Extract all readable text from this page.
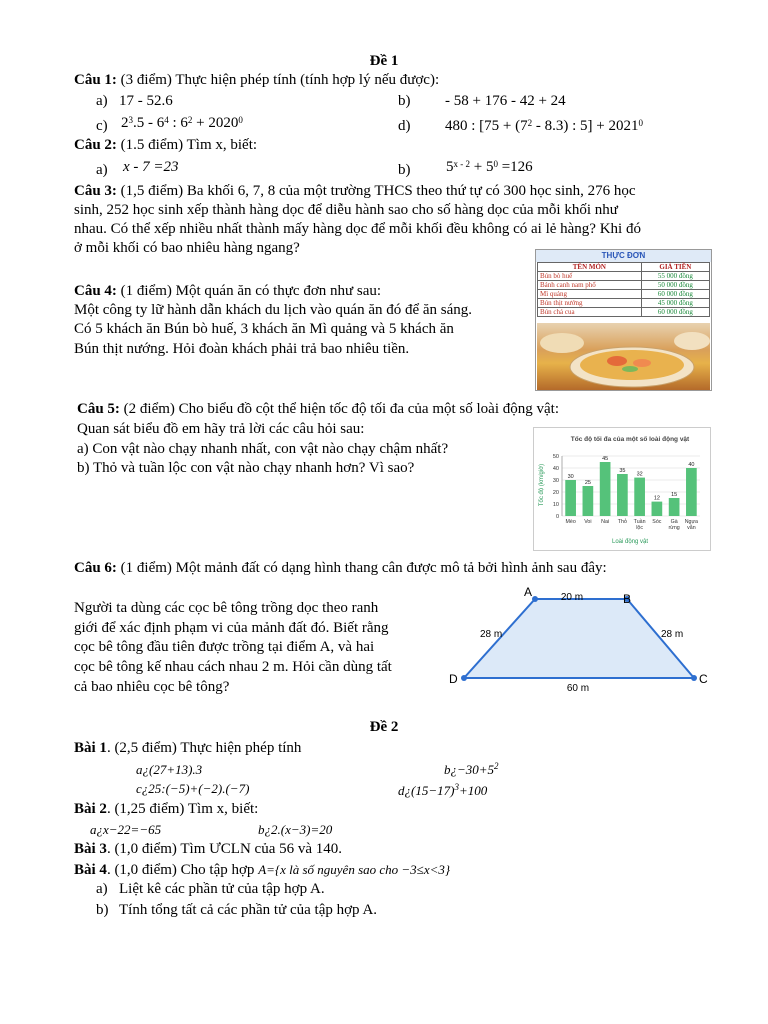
Đề 1
Câu 1: (3 điểm) Thực hiện phép tính (tính hợp lý nếu được):
a) 17 - 52.6	b) - 58 + 176 - 42 + 24
c) $2^3.5 - 6^4$ : $6^2 + 2020^0$	d) 480 : [$75 + (7^2 - 8.3)$ : $5] + 2021^0$
Câu 2: (1.5 điểm) Tìm x, biết:
a) x - 7 =23	b) $5^{x - 2} + 5^0 =126$
Câu 3: (1,5 điểm) Ba khối 6, 7, 8 của một trường THCS theo thứ tự có 300 học sinh, 276 học
sinh, 252 học sinh xếp thành hàng dọc để diễu hành sao cho số hàng dọc của mỗi khối như
nhau. Có thể xếp nhiều nhất thành mấy hàng dọc để mỗi khối đều không có ai lẻ hàng? Khi đó
ở mỗi khối có bao nhiêu hàng ngang?
Câu 4: (1 điểm) Một quán ăn có thực đơn như sau:
Một công ty lữ hành dẫn khách du lịch vào quán ăn đó để ăn sáng.
Có 5 khách ăn Bún bò huế, 3 khách ăn Mì quảng và 5 khách ăn
Bún thịt nướng. Hỏi đoàn khách phải trả bao nhiêu tiền.
THỰC ĐƠN
TÊN MÓN	GIÁ TIỀN
Bún bò huế	55 000 đồng
Bánh canh nam phổ	50 000 đồng
Mì quảng	60 000 đồng
Bún thịt nướng	45 000 đồng
Bún chả cua	60 000 đồng
Câu 5: (2 điểm) Cho biểu đồ cột thể hiện tốc độ tối đa của một số loài động vật:
Quan sát biểu đồ em hãy trả lời các câu hỏi sau:
a) Con vật nào chạy nhanh nhất, con vật nào chạy chậm nhất?
b) Thỏ và tuần lộc con vật nào chạy nhanh hơn? Vì sao?
Tốc độ tối đa của một số loài động vật
Tốc độ (km/giờ)
Loài động vật
0
10
20
30
40
50
30
Mèo
25
Voi
45
Nai
35
Thỏ
32
Tuần
lộc
12
Sóc
15
Gà
rừng
40
Ngựa
vằn
Câu 6: (1 điểm) Một mảnh đất có dạng hình thang cân được mô tả bởi hình ảnh sau đây:
Người ta dùng các cọc bê tông trồng dọc theo ranh
giới để xác định phạm vi của mảnh đất đó. Biết rằng
cọc bê tông đầu tiên được trồng tại điểm A, và hai
cọc bê tông kế nhau cách nhau 2 m. Hỏi cần dùng tất
cả bao nhiêu cọc bê tông?
A	B
C
D
20 m
28 m	28 m
60 m
Đề 2
Bài 1. (2,5 điểm) Thực hiện phép tính
a¿(27+13).3	$b¿-30+5^2$
c¿25:(−5)+(−2).(−7)	$d¿(15-17)^3+100$
Bài 2. (1,25 điểm) Tìm x, biết:
a¿x−22=−65	b¿2.(x−3)=20
Bài 3. (1,0 điểm) Tìm ƯCLN của 56 và 140.
Bài 4. (1,0 điểm) Cho tập hợp A={x là số nguyên sao cho −3≤x<3}
a) Liệt kê các phần tử của tập hợp A.
b) Tính tổng tất cả các phần tử của tập hợp A.
